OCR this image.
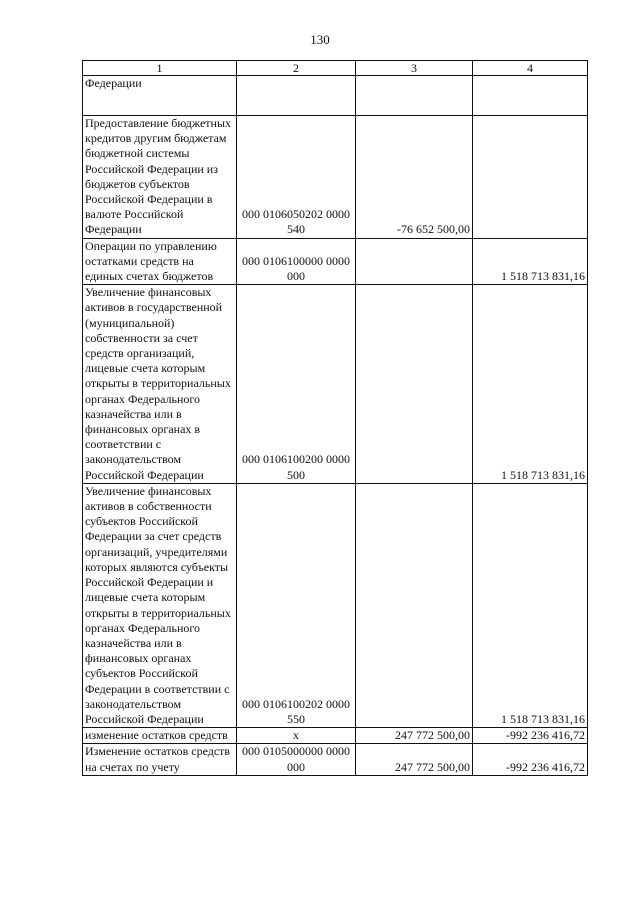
130
1	2	3	4
Федерации			
Предоставление бюджетных кредитов другим бюджетам бюджетной системы Российской Федерации из бюджетов субъектов Российской Федерации в валюте Российской Федерации	000 0106050202 0000 540	-76 652 500,00	
Операции по управлению остатками средств на единых счетах бюджетов	000 0106100000 0000 000		1 518 713 831,16
Увеличение финансовых активов в государственной (муниципальной) собственности за счет средств организаций, лицевые счета которым открыты в территориальных органах Федерального казначейства или в финансовых органах в соответствии с законодательством Российской Федерации	000 0106100200 0000 500		1 518 713 831,16
Увеличение финансовых активов в собственности субъектов Российской Федерации за счет средств организаций, учредителями которых являются субъекты Российской Федерации и лицевые счета которым открыты в территориальных органах Федерального казначейства или в финансовых органах субъектов Российской Федерации в соответствии с законодательством Российской Федерации	000 0106100202 0000 550		1 518 713 831,16
изменение остатков средств	x	247 772 500,00	-992 236 416,72
Изменение остатков средств на счетах по учету	000 0105000000 0000 000	247 772 500,00	-992 236 416,72
